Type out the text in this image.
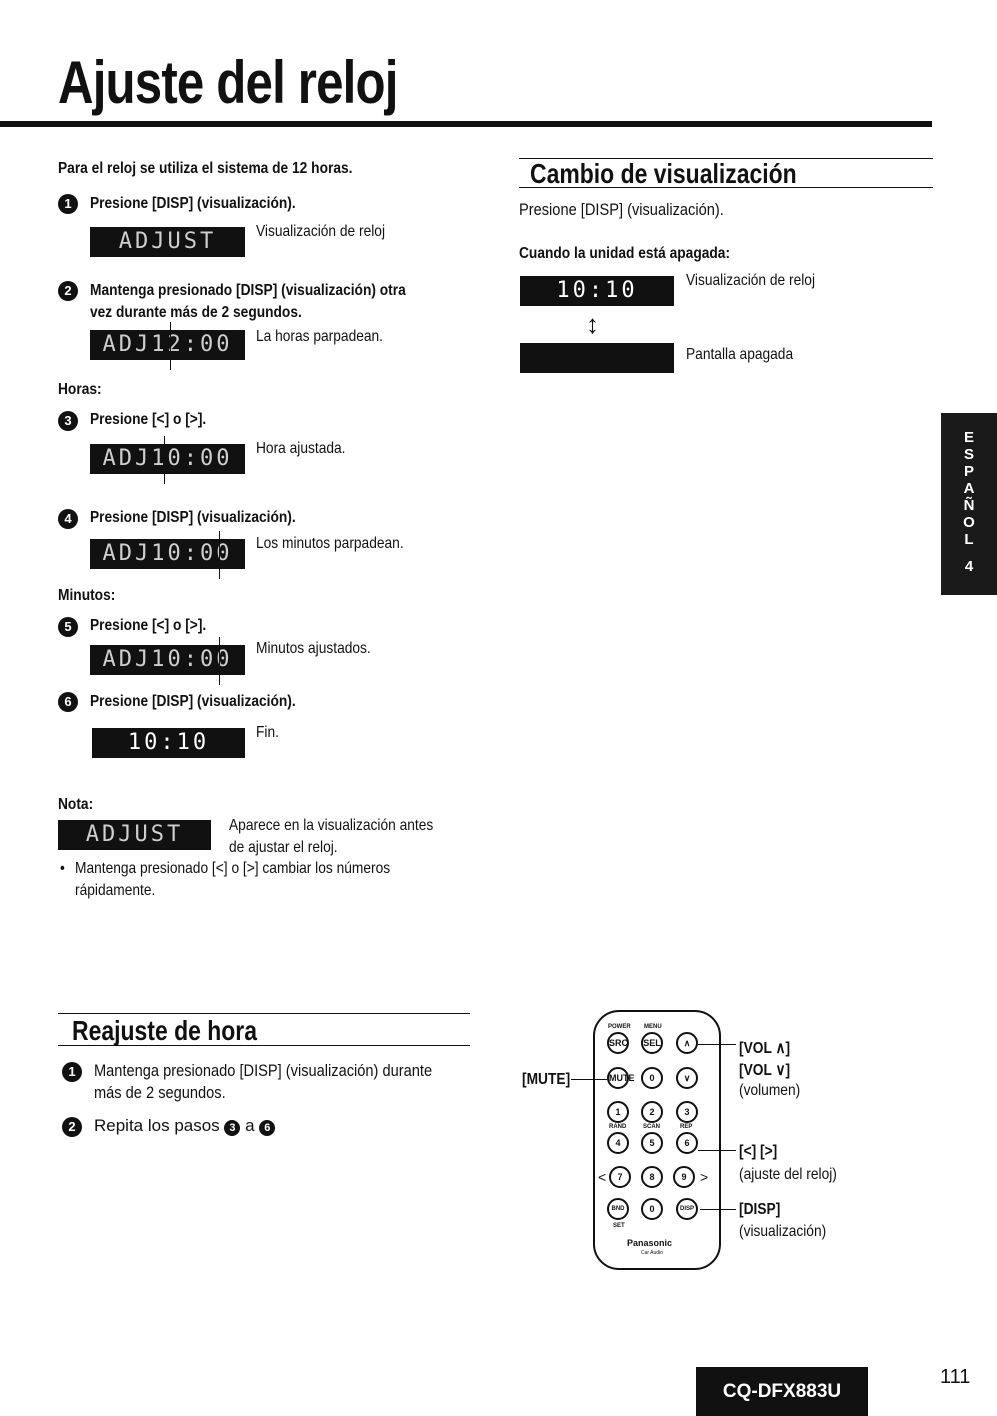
Ajuste del reloj
Para el reloj se utiliza el sistema de 12 horas.
1	Presione [DISP] (visualización).
ADJUST	Visualización de reloj
2	Mantenga presionado [DISP] (visualización) otra
vez durante más de 2 segundos.
ADJ12:00	La horas parpadean.
Horas:
3	Presione [<] o [>].
ADJ10:00	Hora ajustada.
4	Presione [DISP] (visualización).
ADJ10:00	Los minutos parpadean.
Minutos:
5	Presione [<] o [>].
ADJ10:00	Minutos ajustados.
6	Presione [DISP] (visualización).
10:10	Fin.
Nota:
ADJUST	Aparece en la visualización antes
de ajustar el reloj.
• Mantenga presionado [<] o [>] cambiar los números
rápidamente.
Cambio de visualización
Presione [DISP] (visualización).
Cuando la unidad está apagada:
10:10	Visualización de reloj
↕
Pantalla apagada
E
S
P
A
Ñ
O
L
4
Reajuste de hora
1	Mantenga presionado [DISP] (visualización) durante
más de 2 segundos.
2	Repita los pasos 3 a 6
POWER MENU
SRC SEL	∧
MUTE	0	∨
1	2	3
RAND	SCAN	REP
4	5	6
7	8	9
<	>
BND	0	DISP
SET
Panasonic
Car Audio
[MUTE]
[VOL ∧]
[VOL ∨]
(volumen)
[<] [>]
(ajuste del reloj)
[DISP]
(visualización)
CQ-DFX883U
111
